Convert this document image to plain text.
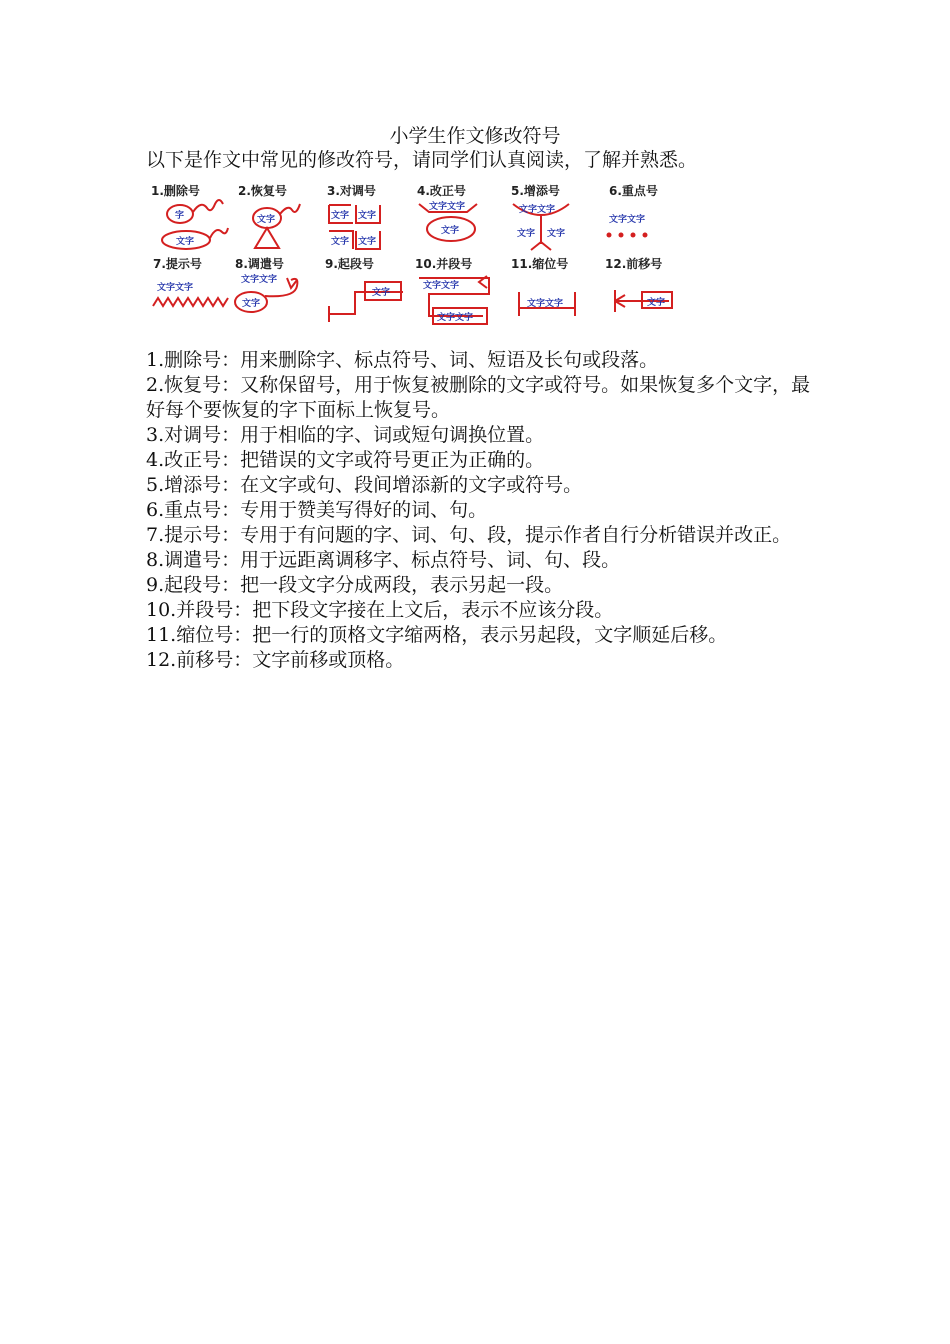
小学生作文修改符号
以下是作文中常见的修改符号，请同学们认真阅读，了解并熟悉。
1.删除号	2.恢复号	3.对调号	4.改正号	5.增添号	6.重点号
7.提示号	8.调遣号	9.起段号	10.并段号	11.缩位号	12.前移号
字
文字
文字	文字 文字
文字 文字
文字文字
文字
文字文字
文字 文字
文字文字
文字文字
文字文字
文字
文字
文字文字
文字文字
文字文字	文字

1.删除号：用来删除字、标点符号、词、短语及长句或段落。

2.恢复号：又称保留号，用于恢复被删除的文字或符号。如果恢复多个文字，最好每个要恢复的字下面标上恢复号。

3.对调号：用于相临的字、词或短句调换位置。

4.改正号：把错误的文字或符号更正为正确的。

5.增添号：在文字或句、段间增添新的文字或符号。

6.重点号：专用于赞美写得好的词、句。

7.提示号：专用于有问题的字、词、句、段，提示作者自行分析错误并改正。

8.调遣号：用于远距离调移字、标点符号、词、句、段。

9.起段号：把一段文字分成两段，表示另起一段。

10.并段号：把下段文字接在上文后，表示不应该分段。

11.缩位号：把一行的顶格文字缩两格，表示另起段，文字顺延后移。

12.前移号：文字前移或顶格。
